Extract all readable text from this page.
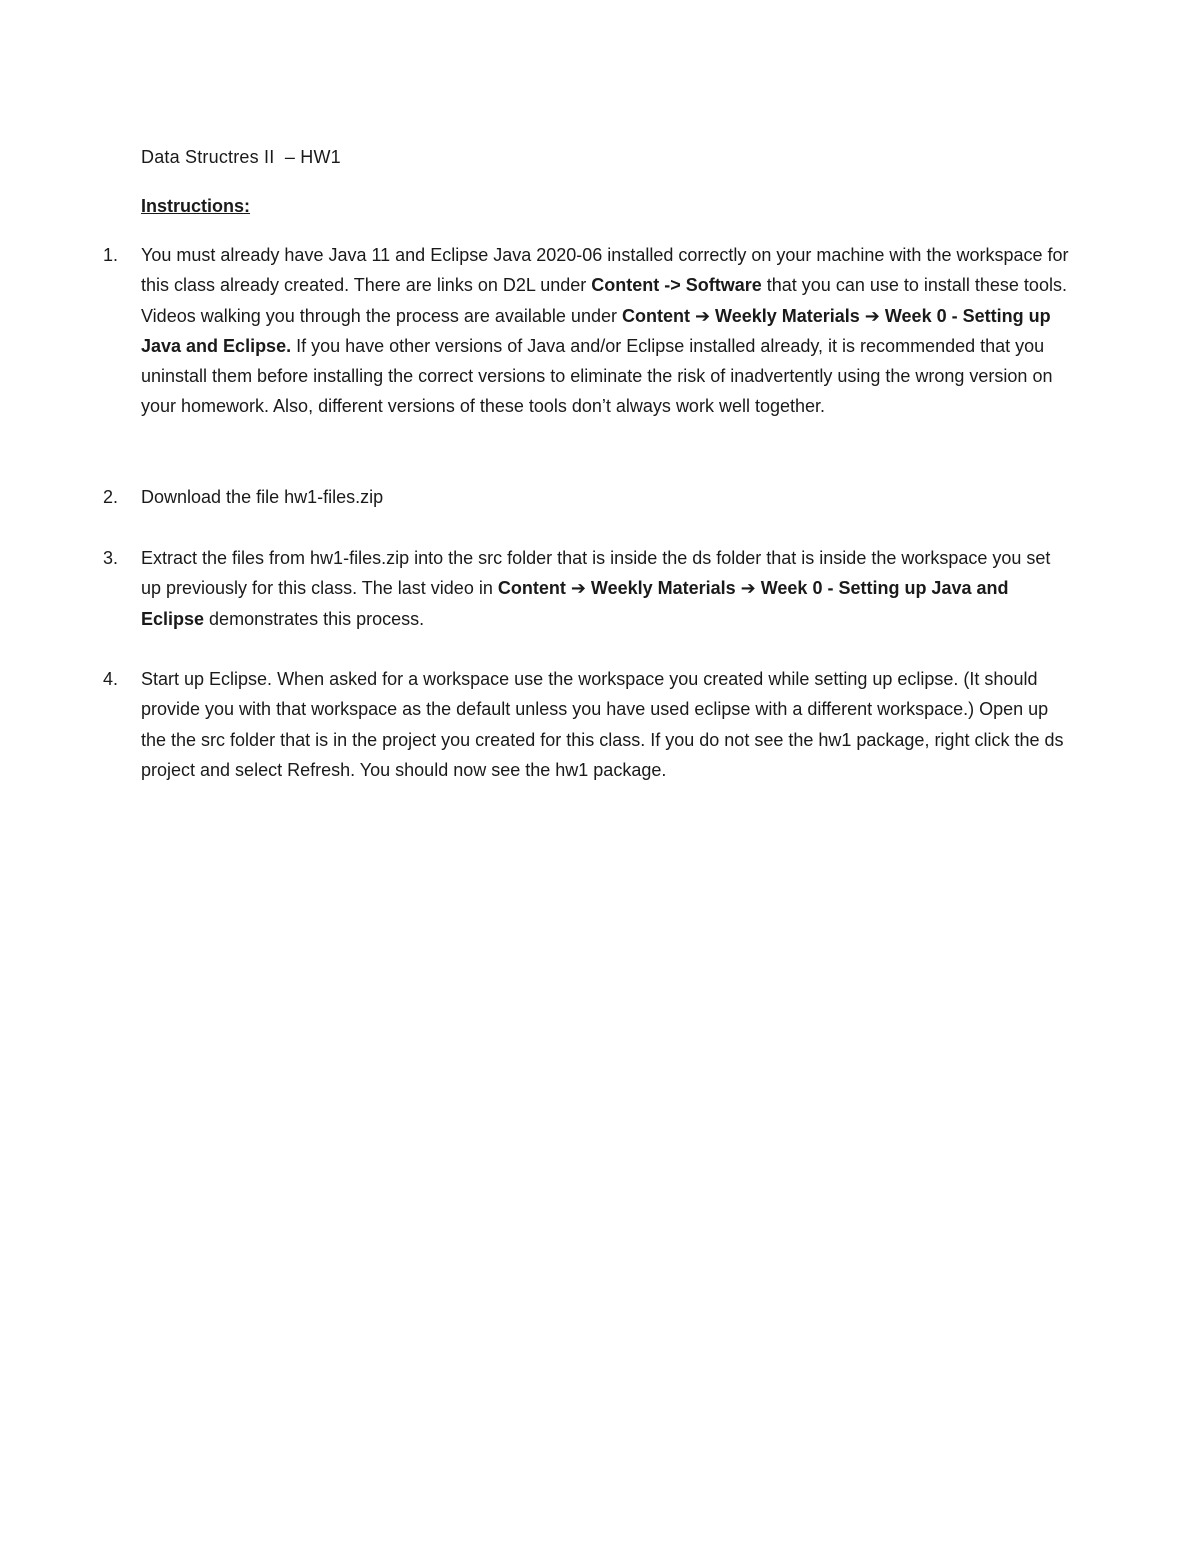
Data Structres II  – HW1
Instructions:
1.	You must already have Java 11 and Eclipse Java 2020-06 installed correctly on your machine with the workspace for this class already created. There are links on D2L under Content -> Software that you can use to install these tools. Videos walking you through the process are available under Content ➔ Weekly Materials ➔ Week 0 - Setting up Java and Eclipse. If you have other versions of Java and/or Eclipse installed already, it is recommended that you uninstall them before installing the correct versions to eliminate the risk of inadvertently using the wrong version on your homework. Also, different versions of these tools don’t always work well together.
2.	Download the file hw1-files.zip
3.	Extract the files from hw1-files.zip into the src folder that is inside the ds folder that is inside the workspace you set up previously for this class. The last video in Content ➔ Weekly Materials ➔ Week 0 - Setting up Java and Eclipse demonstrates this process.
4.	Start up Eclipse. When asked for a workspace use the workspace you created while setting up eclipse. (It should provide you with that workspace as the default unless you have used eclipse with a different workspace.) Open up the the src folder that is in the project you created for this class. If you do not see the hw1 package, right click the ds project and select Refresh. You should now see the hw1 package.
